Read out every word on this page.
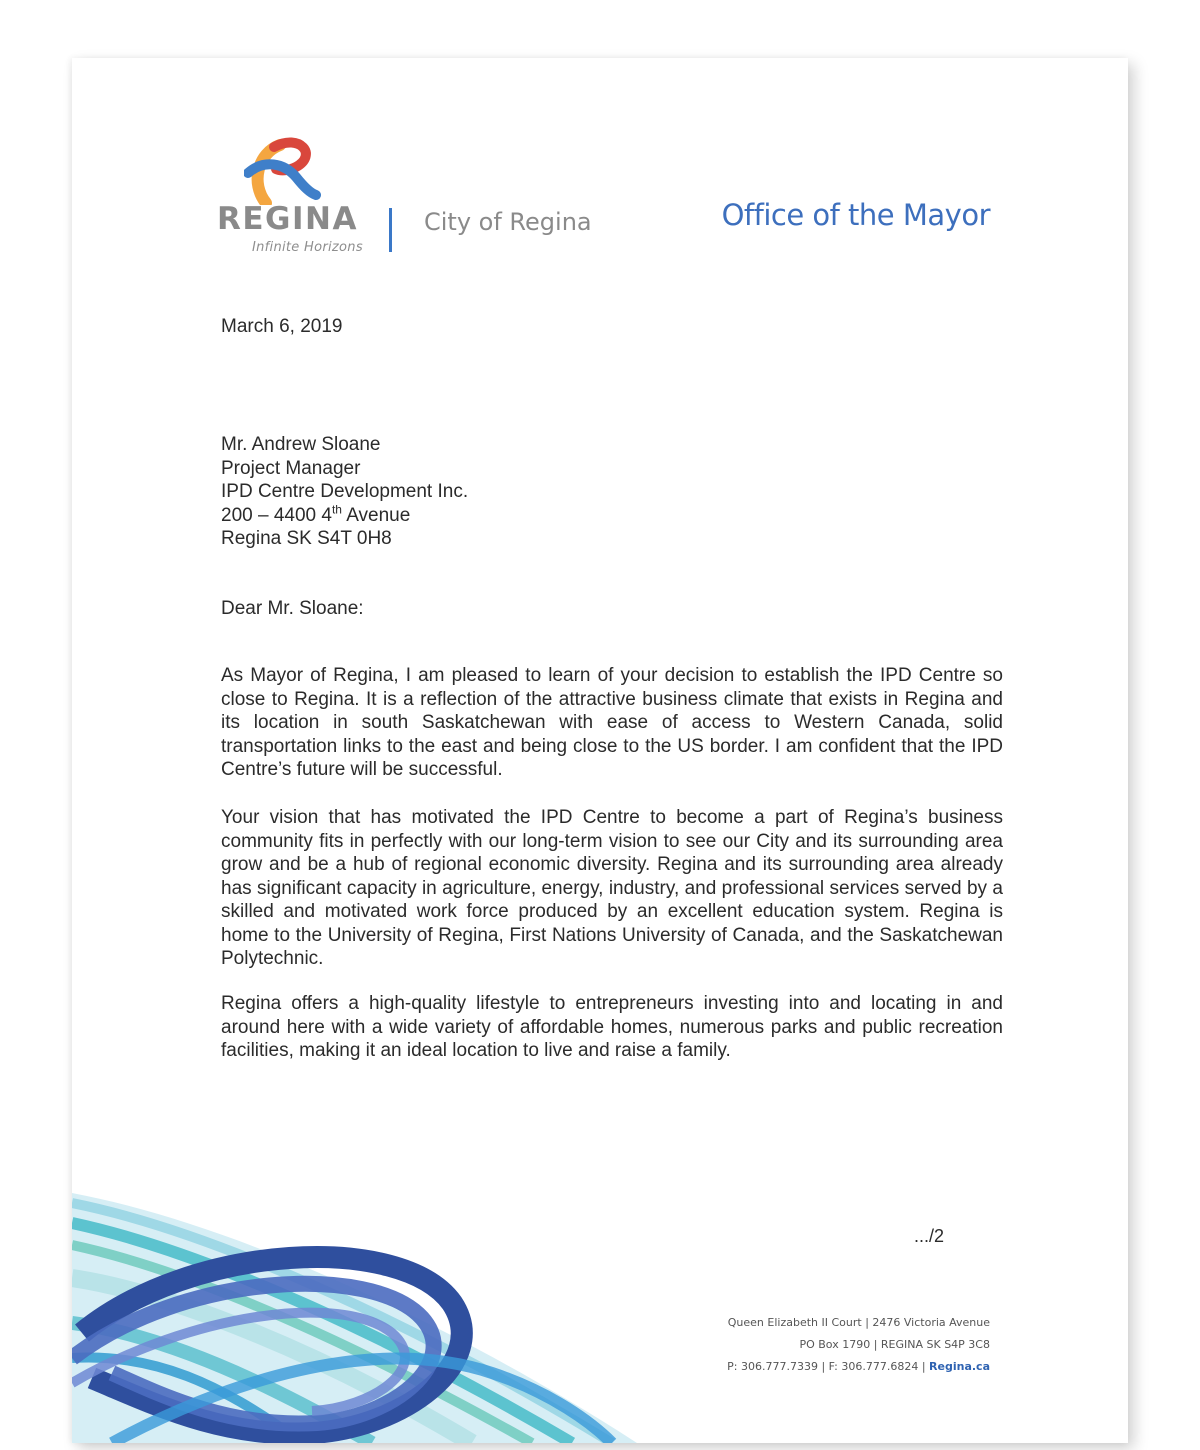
REGINA
Infinite Horizons
City of Regina	Office of the Mayor
March 6, 2019
Mr. Andrew Sloane
Project Manager
IPD Centre Development Inc.
200 – 4400 4th Avenue
Regina SK S4T 0H8
Dear Mr. Sloane:

As Mayor of Regina, I am pleased to learn of your decision to establish the IPD Centre so close to Regina. It is a reflection of the attractive business climate that exists in Regina and its location in south Saskatchewan with ease of access to Western Canada, solid transportation links to the east and being close to the US border. I am confident that the IPD Centre’s future will be successful.

Your vision that has motivated the IPD Centre to become a part of Regina’s business community fits in perfectly with our long-term vision to see our City and its surrounding area grow and be a hub of regional economic diversity. Regina and its surrounding area already has significant capacity in agriculture, energy, industry, and professional services served by a skilled and motivated work force produced by an excellent education system. Regina is home to the University of Regina, First Nations University of Canada, and the Saskatchewan Polytechnic.

Regina offers a high-quality lifestyle to entrepreneurs investing into and locating in and around here with a wide variety of affordable homes, numerous parks and public recreation facilities, making it an ideal location to live and raise a family.

.../2
Queen Elizabeth II Court | 2476 Victoria Avenue
PO Box 1790 | REGINA SK S4P 3C8
P: 306.777.7339 | F: 306.777.6824 | Regina.ca
